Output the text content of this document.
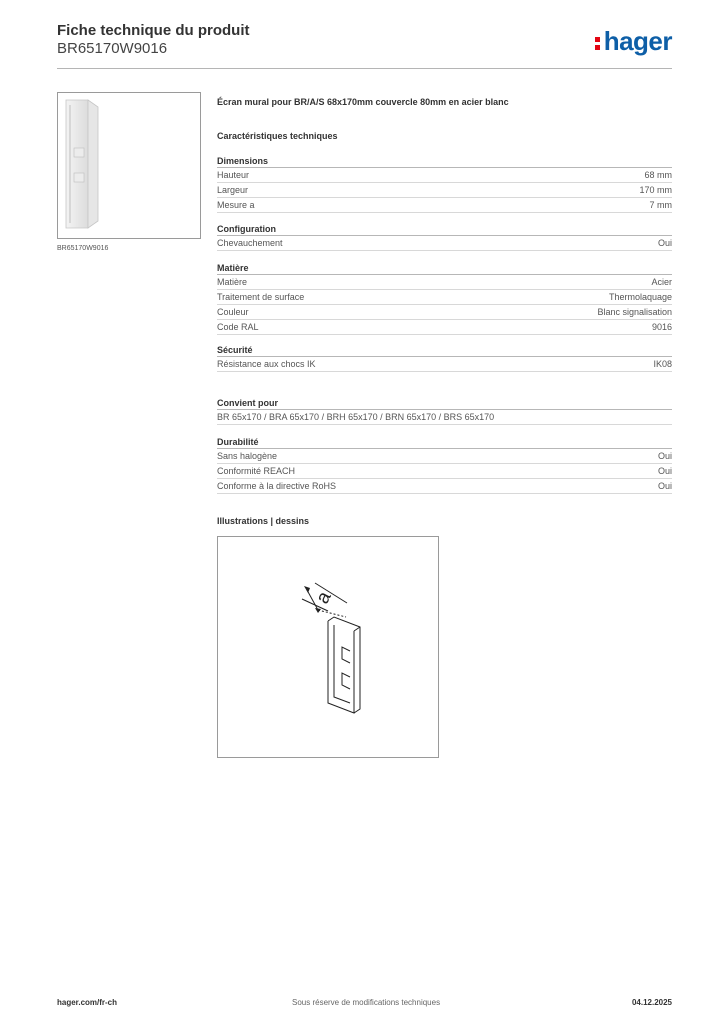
Fiche technique du produit
BR65170W9016	hager
BR65170W9016
Écran mural pour BR/A/S 68x170mm couvercle 80mm en acier blanc
Caractéristiques techniques
Dimensions
Hauteur	68 mm
Largeur	170 mm
Mesure a	7 mm
Configuration
Chevauchement	Oui
Matière
Matière	Acier
Traitement de surface	Thermolaquage
Couleur	Blanc signalisation
Code RAL	9016
Sécurité
Résistance aux chocs IK	IK08
Convient pour
BR 65x170 / BRA 65x170 / BRH 65x170 / BRN 65x170 / BRS 65x170
Durabilité
Sans halogène	Oui
Conformité REACH	Oui
Conforme à la directive RoHS	Oui
Illustrations | dessins
a
hager.com/fr-ch	Sous réserve de modifications techniques	04.12.2025
